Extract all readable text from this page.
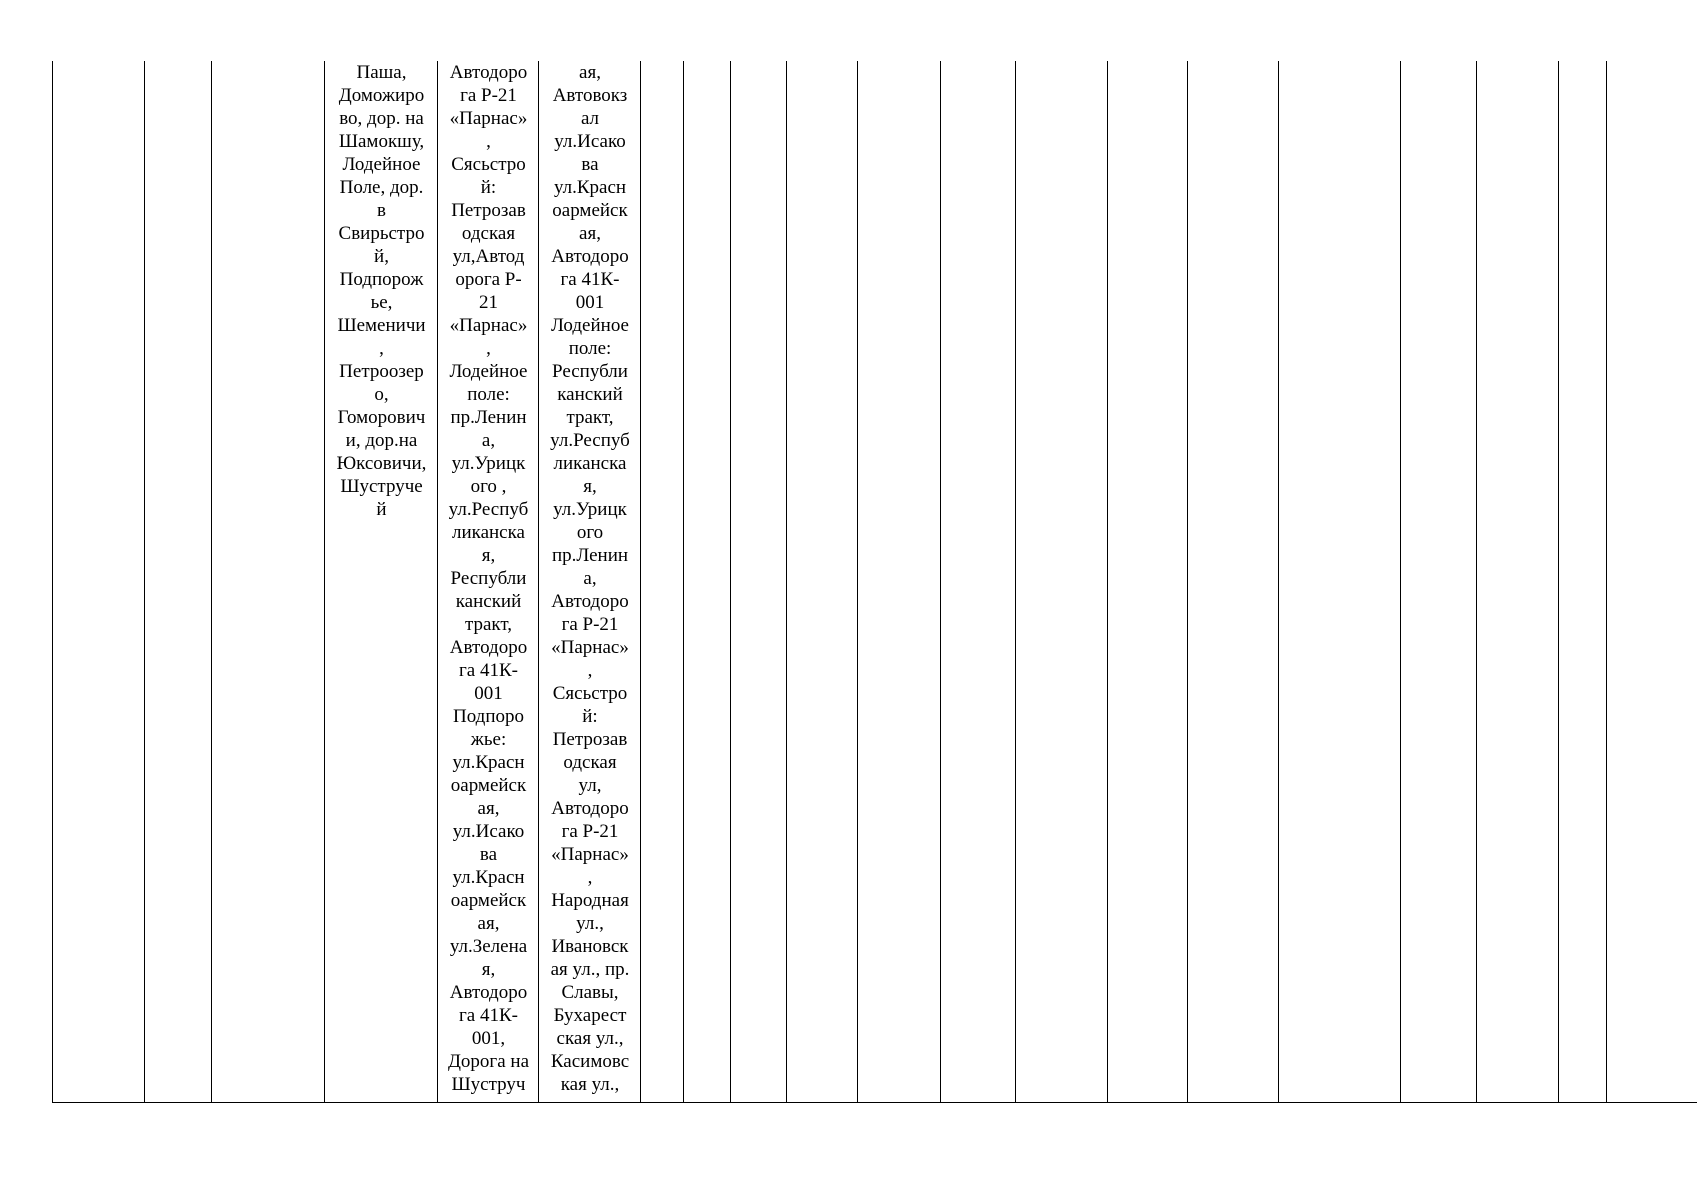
Паша,
Доможиро
во, дор. на
Шамокшу,
Лодейное
Поле, дор.
в
Свирьстро
й,
Подпорож
ье,
Шеменичи
,
Петроозер
о,
Гоморович
и, дор.на
Юксовичи,
Шуструче
й
Автодоро
га Р-21
«Парнас»
,
Сясьстро
й:
Петрозав
одская
ул,Автод
орога Р-
21
«Парнас»
,
Лодейное
поле:
пр.Ленин
а,
ул.Урицк
ого ,
ул.Респуб
ликанска
я,
Республи
канский
тракт,
Автодоро
га 41К-
001
Подпоро
жье:
ул.Красн
оармейск
ая,
ул.Исако
ва
ул.Красн
оармейск
ая,
ул.Зелена
я,
Автодоро
га 41К-
001,
Дорога на
Шуструч
ая,
Автовокз
ал
ул.Исако
ва
ул.Красн
оармейск
ая,
Автодоро
га 41К-
001
Лодейное
поле:
Республи
канский
тракт,
ул.Респуб
ликанска
я,
ул.Урицк
ого
пр.Ленин
а,
Автодоро
га Р-21
«Парнас»
,
Сясьстро
й:
Петрозав
одская
ул,
Автодоро
га Р-21
«Парнас»
,
Народная
ул.,
Ивановск
ая ул., пр.
Славы,
Бухарест
ская ул.,
Касимовс
кая ул.,
